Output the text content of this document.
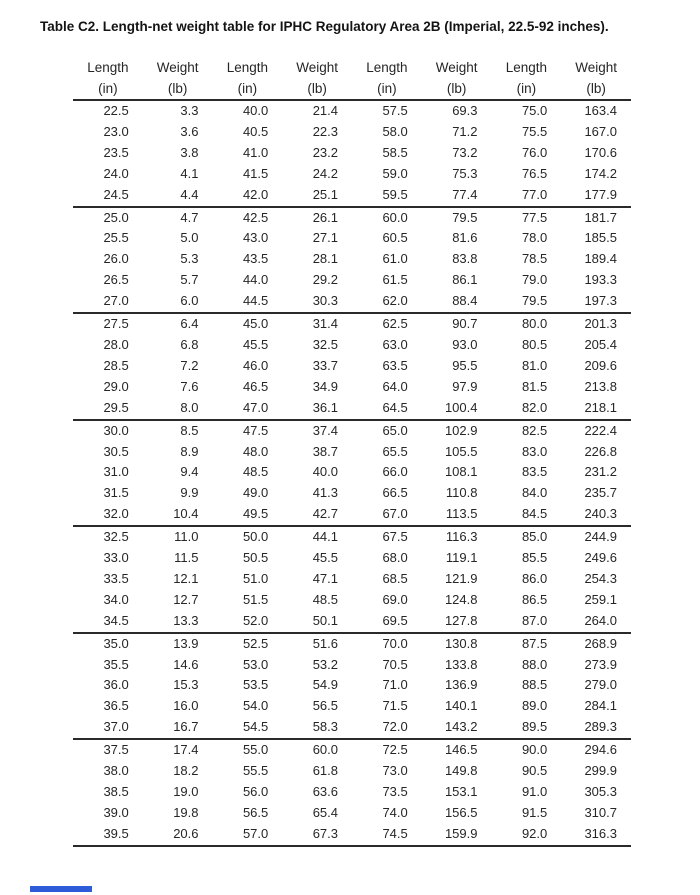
Table C2. Length-net weight table for IPHC Regulatory Area 2B (Imperial, 22.5-92 inches).
Length	Weight	Length	Weight	Length	Weight	Length	Weight
(in)	(lb)	(in)	(lb)	(in)	(lb)	(in)	(lb)
22.5	3.3	40.0	21.4	57.5	69.3	75.0	163.4
23.0	3.6	40.5	22.3	58.0	71.2	75.5	167.0
23.5	3.8	41.0	23.2	58.5	73.2	76.0	170.6
24.0	4.1	41.5	24.2	59.0	75.3	76.5	174.2
24.5	4.4	42.0	25.1	59.5	77.4	77.0	177.9
25.0	4.7	42.5	26.1	60.0	79.5	77.5	181.7
25.5	5.0	43.0	27.1	60.5	81.6	78.0	185.5
26.0	5.3	43.5	28.1	61.0	83.8	78.5	189.4
26.5	5.7	44.0	29.2	61.5	86.1	79.0	193.3
27.0	6.0	44.5	30.3	62.0	88.4	79.5	197.3
27.5	6.4	45.0	31.4	62.5	90.7	80.0	201.3
28.0	6.8	45.5	32.5	63.0	93.0	80.5	205.4
28.5	7.2	46.0	33.7	63.5	95.5	81.0	209.6
29.0	7.6	46.5	34.9	64.0	97.9	81.5	213.8
29.5	8.0	47.0	36.1	64.5	100.4	82.0	218.1
30.0	8.5	47.5	37.4	65.0	102.9	82.5	222.4
30.5	8.9	48.0	38.7	65.5	105.5	83.0	226.8
31.0	9.4	48.5	40.0	66.0	108.1	83.5	231.2
31.5	9.9	49.0	41.3	66.5	110.8	84.0	235.7
32.0	10.4	49.5	42.7	67.0	113.5	84.5	240.3
32.5	11.0	50.0	44.1	67.5	116.3	85.0	244.9
33.0	11.5	50.5	45.5	68.0	119.1	85.5	249.6
33.5	12.1	51.0	47.1	68.5	121.9	86.0	254.3
34.0	12.7	51.5	48.5	69.0	124.8	86.5	259.1
34.5	13.3	52.0	50.1	69.5	127.8	87.0	264.0
35.0	13.9	52.5	51.6	70.0	130.8	87.5	268.9
35.5	14.6	53.0	53.2	70.5	133.8	88.0	273.9
36.0	15.3	53.5	54.9	71.0	136.9	88.5	279.0
36.5	16.0	54.0	56.5	71.5	140.1	89.0	284.1
37.0	16.7	54.5	58.3	72.0	143.2	89.5	289.3
37.5	17.4	55.0	60.0	72.5	146.5	90.0	294.6
38.0	18.2	55.5	61.8	73.0	149.8	90.5	299.9
38.5	19.0	56.0	63.6	73.5	153.1	91.0	305.3
39.0	19.8	56.5	65.4	74.0	156.5	91.5	310.7
39.5	20.6	57.0	67.3	74.5	159.9	92.0	316.3
